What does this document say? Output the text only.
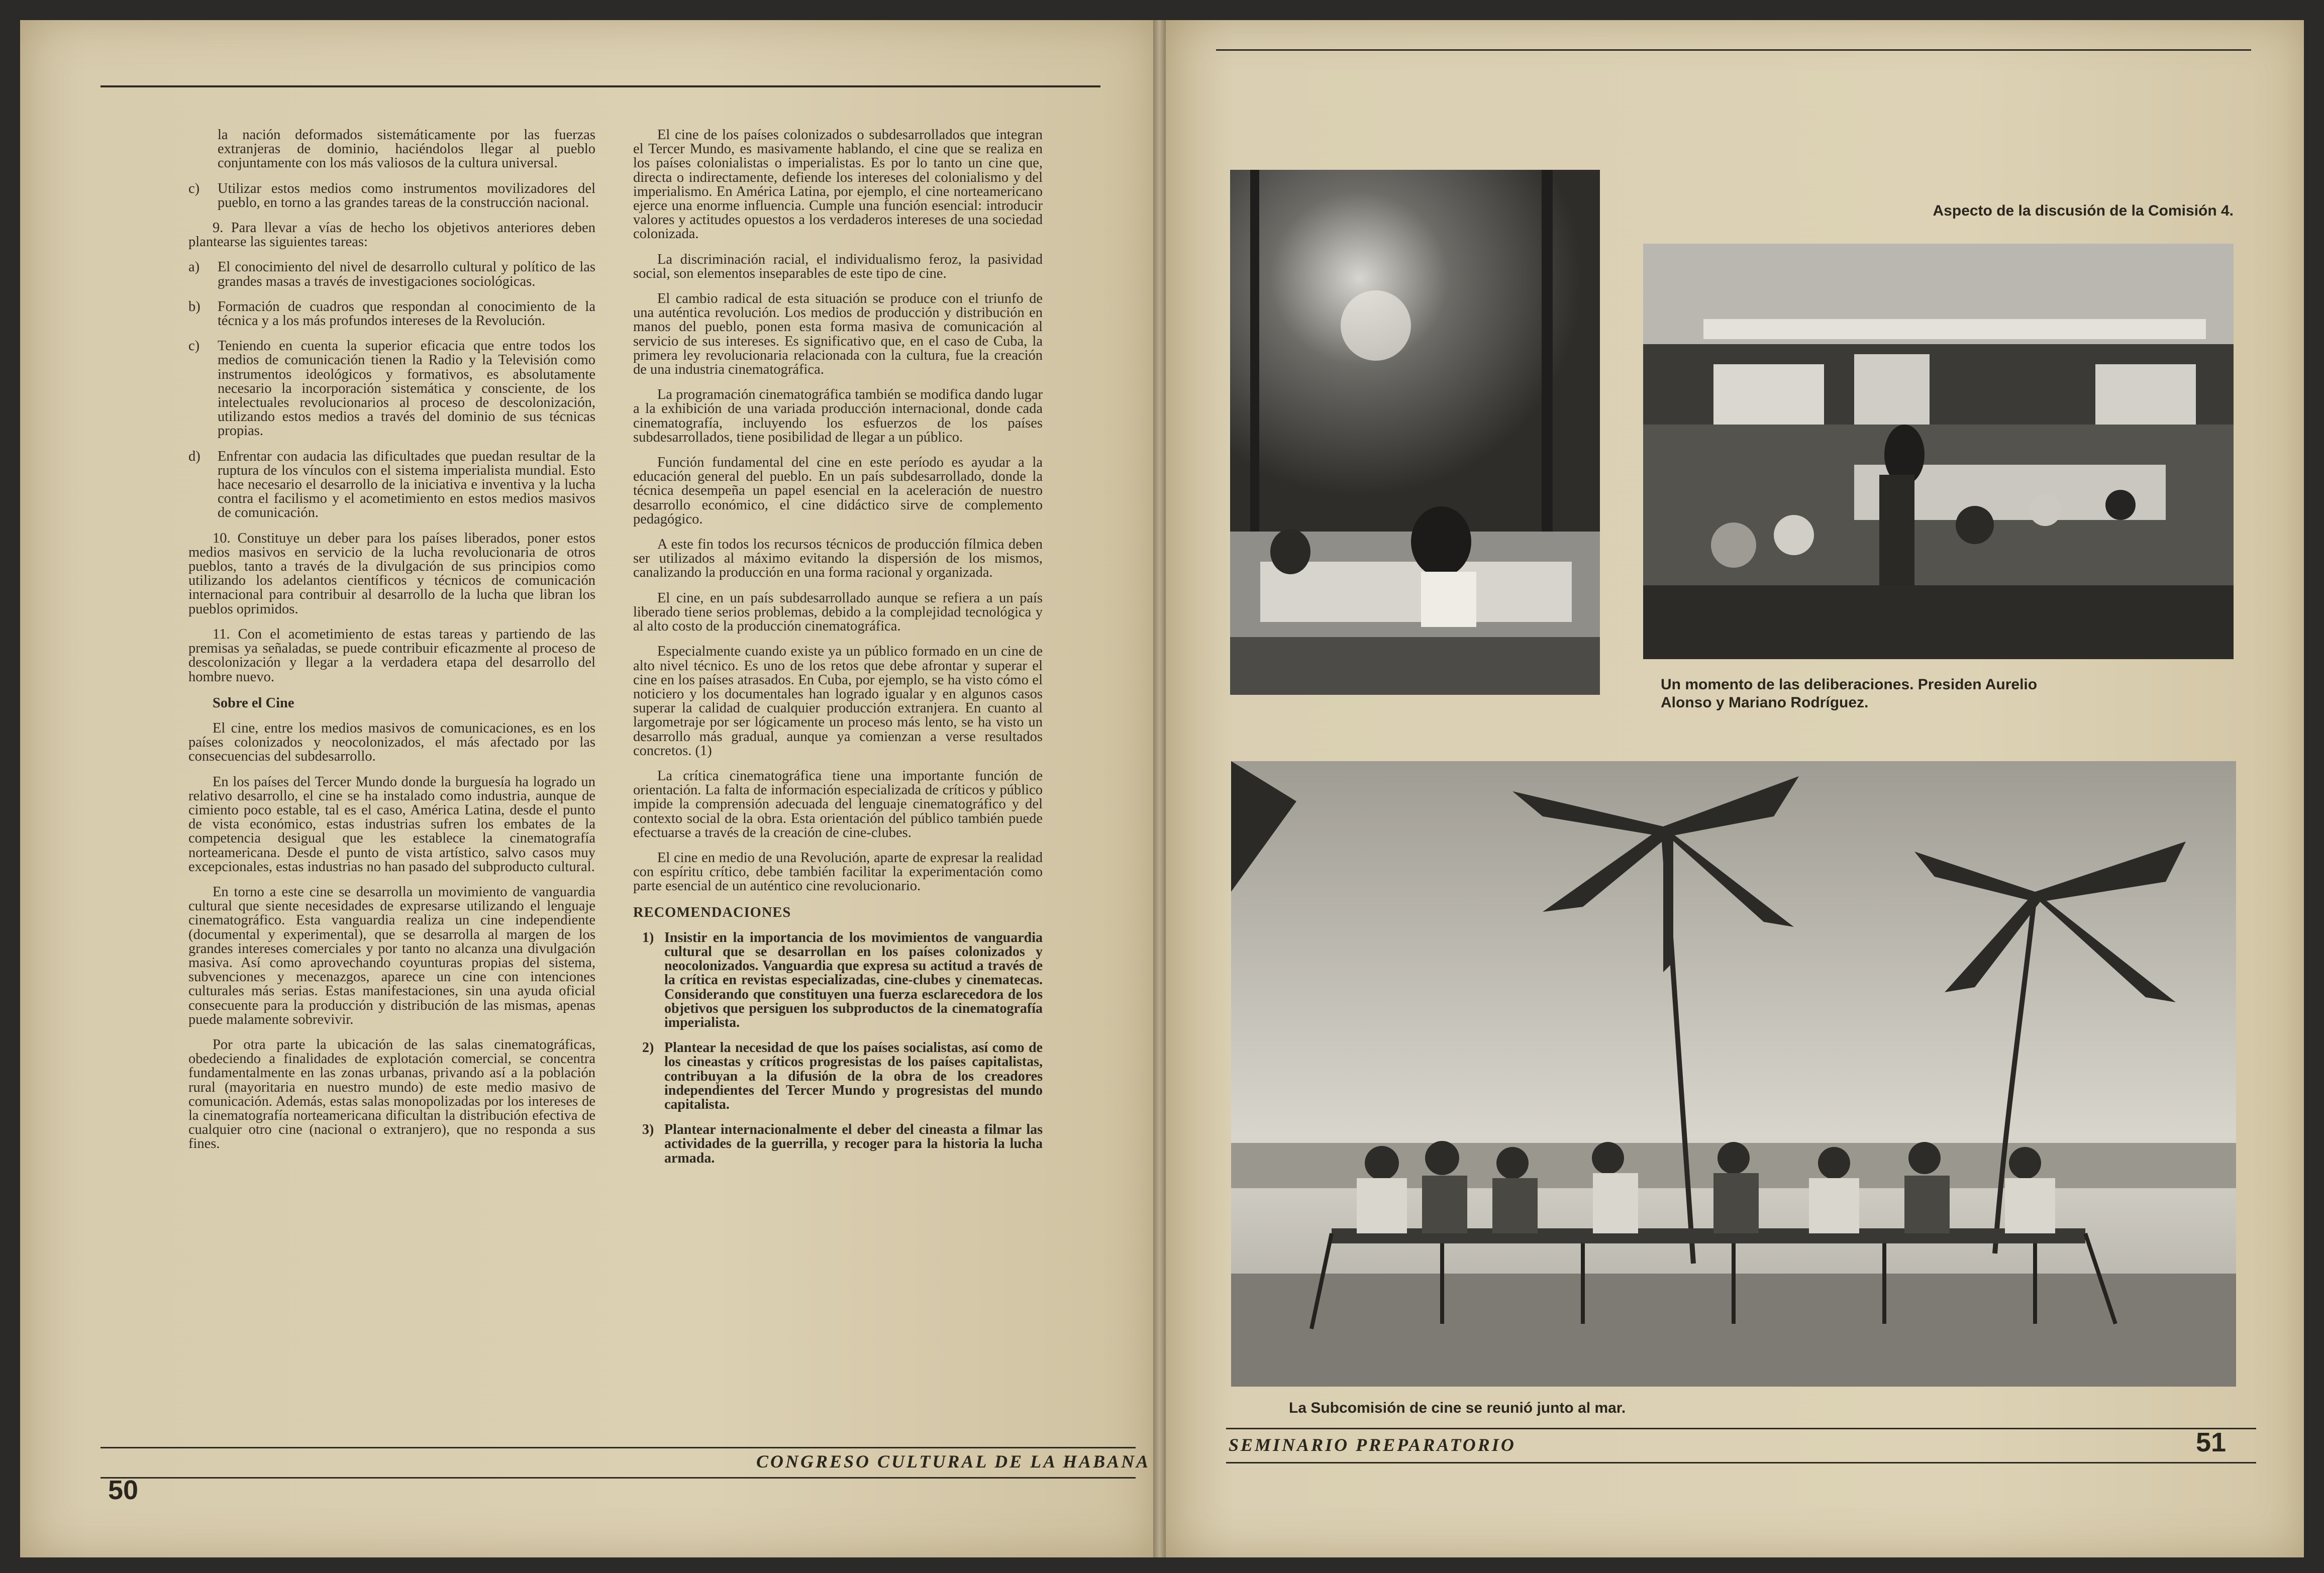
la nación deformados sistemáticamente por las fuerzas extranjeras de dominio, haciéndolos llegar al pueblo conjuntamente con los más valiosos de la cultura universal.

c) Utilizar estos medios como instrumentos movilizadores del pueblo, en torno a las grandes tareas de la construcción nacional.

9. Para llevar a vías de hecho los objetivos anteriores deben plantearse las siguientes tareas:

a) El conocimiento del nivel de desarrollo cultural y político de las grandes masas a través de investigaciones sociológicas.

b) Formación de cuadros que respondan al conocimiento de la técnica y a los más profundos intereses de la Revolución.

c) Teniendo en cuenta la superior eficacia que entre todos los medios de comunicación tienen la Radio y la Televisión como instrumentos ideológicos y formativos, es absolutamente necesario la incorporación sistemática y consciente, de los intelectuales revolucionarios al proceso de descolonización, utilizando estos medios a través del dominio de sus técnicas propias.

d) Enfrentar con audacia las dificultades que puedan resultar de la ruptura de los vínculos con el sistema imperialista mundial. Esto hace necesario el desarrollo de la iniciativa e inventiva y la lucha contra el facilismo y el acometimiento en estos medios masivos de comunicación.

10. Constituye un deber para los países liberados, poner estos medios masivos en servicio de la lucha revolucionaria de otros pueblos, tanto a través de la divulgación de sus principios como utilizando los adelantos científicos y técnicos de comunicación internacional para contribuir al desarrollo de la lucha que libran los pueblos oprimidos.

11. Con el acometimiento de estas tareas y partiendo de las premisas ya señaladas, se puede contribuir eficazmente al proceso de descolonización y llegar a la verdadera etapa del desarrollo del hombre nuevo.

Sobre el Cine

El cine, entre los medios masivos de comunicaciones, es en los países colonizados y neocolonizados, el más afectado por las consecuencias del subdesarrollo.

En los países del Tercer Mundo donde la burguesía ha logrado un relativo desarrollo, el cine se ha instalado como industria, aunque de cimiento poco estable, tal es el caso, América Latina, desde el punto de vista económico, estas industrias sufren los embates de la competencia desigual que les establece la cinematografía norteamericana. Desde el punto de vista artístico, salvo casos muy excepcionales, estas industrias no han pasado del subproducto cultural.

En torno a este cine se desarrolla un movimiento de vanguardia cultural que siente necesidades de expresarse utilizando el lenguaje cinematográfico. Esta vanguardia realiza un cine independiente (documental y experimental), que se desarrolla al margen de los grandes intereses comerciales y por tanto no alcanza una divulgación masiva. Así como aprovechando coyunturas propias del sistema, subvenciones y mecenazgos, aparece un cine con intenciones culturales más serias. Estas manifestaciones, sin una ayuda oficial consecuente para la producción y distribución de las mismas, apenas puede malamente sobrevivir.

Por otra parte la ubicación de las salas cinematográficas, obedeciendo a finalidades de explotación comercial, se concentra fundamentalmente en las zonas urbanas, privando así a la población rural (mayoritaria en nuestro mundo) de este medio masivo de comunicación. Además, estas salas monopolizadas por los intereses de la cinematografía norteamericana dificultan la distribución efectiva de cualquier otro cine (nacional o extranjero), que no responda a sus fines.

El cine de los países colonizados o subdesarrollados que integran el Tercer Mundo, es masivamente hablando, el cine que se realiza en los países colonialistas o imperialistas. Es por lo tanto un cine que, directa o indirectamente, defiende los intereses del colonialismo y del imperialismo. En América Latina, por ejemplo, el cine norteamericano ejerce una enorme influencia. Cumple una función esencial: introducir valores y actitudes opuestos a los verdaderos intereses de una sociedad colonizada.

La discriminación racial, el individualismo feroz, la pasividad social, son elementos inseparables de este tipo de cine.

El cambio radical de esta situación se produce con el triunfo de una auténtica revolución. Los medios de producción y distribución en manos del pueblo, ponen esta forma masiva de comunicación al servicio de sus intereses. Es significativo que, en el caso de Cuba, la primera ley revolucionaria relacionada con la cultura, fue la creación de una industria cinematográfica.

La programación cinematográfica también se modifica dando lugar a la exhibición de una variada producción internacional, donde cada cinematografía, incluyendo los esfuerzos de los países subdesarrollados, tiene posibilidad de llegar a un público.

Función fundamental del cine en este período es ayudar a la educación general del pueblo. En un país subdesarrollado, donde la técnica desempeña un papel esencial en la aceleración de nuestro desarrollo económico, el cine didáctico sirve de complemento pedagógico.

A este fin todos los recursos técnicos de producción fílmica deben ser utilizados al máximo evitando la dispersión de los mismos, canalizando la producción en una forma racional y organizada.

El cine, en un país subdesarrollado aunque se refiera a un país liberado tiene serios problemas, debido a la complejidad tecnológica y al alto costo de la producción cinematográfica.

Especialmente cuando existe ya un público formado en un cine de alto nivel técnico. Es uno de los retos que debe afrontar y superar el cine en los países atrasados. En Cuba, por ejemplo, se ha visto cómo el noticiero y los documentales han logrado igualar y en algunos casos superar la calidad de cualquier producción extranjera. En cuanto al largometraje por ser lógicamente un proceso más lento, se ha visto un desarrollo más gradual, aunque ya comienzan a verse resultados concretos. (1)

La crítica cinematográfica tiene una importante función de orientación. La falta de información especializada de críticos y público impide la comprensión adecuada del lenguaje cinematográfico y del contexto social de la obra. Esta orientación del público también puede efectuarse a través de la creación de cine-clubes.

El cine en medio de una Revolución, aparte de expresar la realidad con espíritu crítico, debe también facilitar la experimentación como parte esencial de un auténtico cine revolucionario.

RECOMENDACIONES

1) Insistir en la importancia de los movimientos de vanguardia cultural que se desarrollan en los países colonizados y neocolonizados. Vanguardia que expresa su actitud a través de la crítica en revistas especializadas, cine-clubes y cinematecas. Considerando que constituyen una fuerza esclarecedora de los objetivos que persiguen los subproductos de la cinematografía imperialista.

2) Plantear la necesidad de que los países socialistas, así como de los cineastas y críticos progresistas de los países capitalistas, contribuyan a la difusión de la obra de los creadores independientes del Tercer Mundo y progresistas del mundo capitalista.

3) Plantear internacionalmente el deber del cineasta a filmar las actividades de la guerrilla, y recoger para la historia la lucha armada.

50
CONGRESO CULTURAL DE LA HABANA
Aspecto de la discusión de la Comisión 4.
Un momento de las deliberaciones. Presiden Aurelio Alonso y Mariano Rodríguez.
La Subcomisión de cine se reunió junto al mar.
SEMINARIO PREPARATORIO	51
